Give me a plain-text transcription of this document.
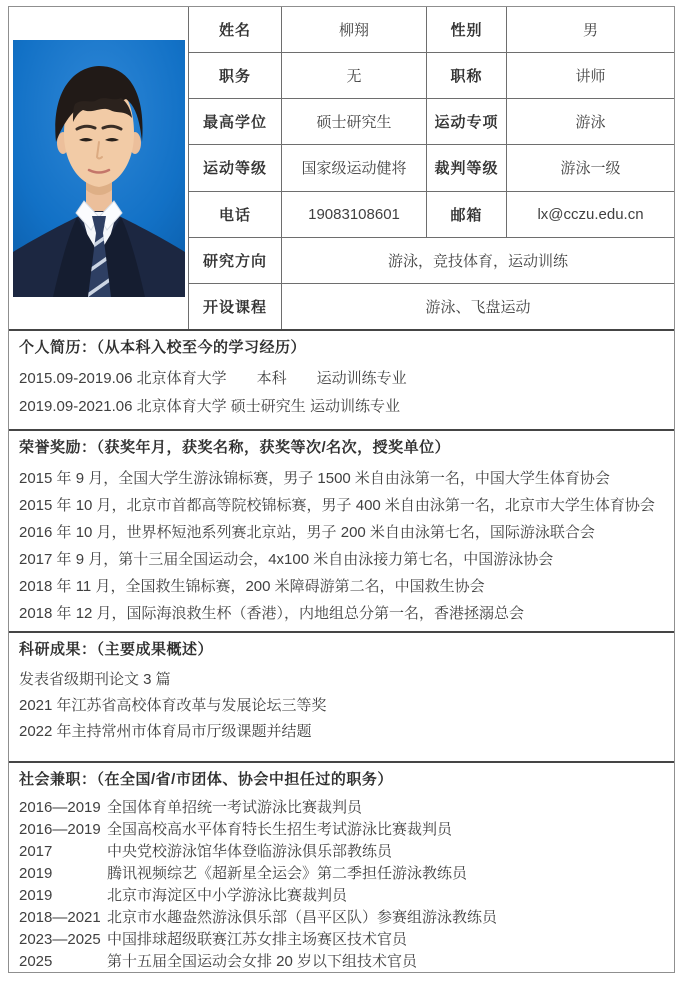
姓名	柳翔	性别	男
职务	无	职称	讲师
最高学位	硕士研究生	运动专项	游泳
运动等级	国家级运动健将	裁判等级	游泳一级
电话	19083108601	邮箱	lx@cczu.edu.cn
研究方向	游泳，竞技体育，运动训练
开设课程	游泳、飞盘运动
个人简历：（从本科入校至今的学习经历）
2015.09-2019.06 北京体育大学　　本科　　运动训练专业
2019.09-2021.06 北京体育大学 硕士研究生 运动训练专业
荣誉奖励：（获奖年月，获奖名称，获奖等次/名次，授奖单位）
2015 年 9 月，全国大学生游泳锦标赛，男子 1500 米自由泳第一名，中国大学生体育协会
2015 年 10 月，北京市首都高等院校锦标赛，男子 400 米自由泳第一名，北京市大学生体育协会
2016 年 10 月，世界杯短池系列赛北京站，男子 200 米自由泳第七名，国际游泳联合会
2017 年 9 月，第十三届全国运动会，4x100 米自由泳接力第七名，中国游泳协会
2018 年 11 月，全国救生锦标赛，200 米障碍游第二名，中国救生协会
2018 年 12 月，国际海浪救生杯（香港），内地组总分第一名，香港拯溺总会
科研成果：（主要成果概述）
发表省级期刊论文 3 篇
2021 年江苏省高校体育改革与发展论坛三等奖
2022 年主持常州市体育局市厅级课题并结题
社会兼职：（在全国/省/市团体、协会中担任过的职务）
2016—2019 全国体育单招统一考试游泳比赛裁判员
2016—2019 全国高校高水平体育特长生招生考试游泳比赛裁判员
2017	中央党校游泳馆华体登临游泳俱乐部教练员
2019	腾讯视频综艺《超新星全运会》第二季担任游泳教练员
2019	北京市海淀区中小学游泳比赛裁判员
2018—2021 北京市水趣盎然游泳俱乐部（昌平区队）参赛组游泳教练员
2023—2025 中国排球超级联赛江苏女排主场赛区技术官员
2025	第十五届全国运动会女排 20 岁以下组技术官员
